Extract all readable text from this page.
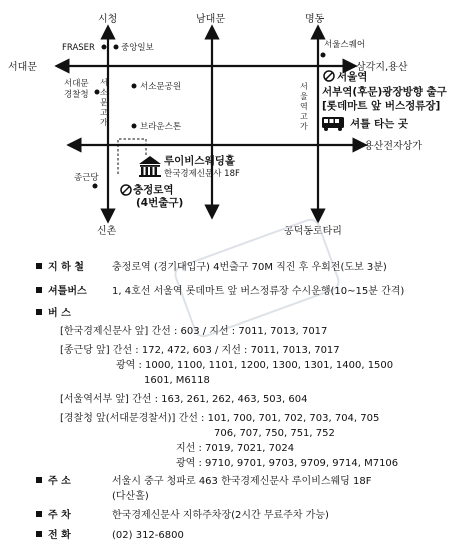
시청	남대문	명동
신촌	공덕동로타리
서대문
서대문
경찰청
삼각지,용산
용산전자상가
서
소
문
고
가
서
울
역
고
가
FRASER	중앙일보
서소문공원
브라운스톤
서울스퀘어
종근당
루이비스웨딩홀
한국경제신문사 18F
충정로역
(4번출구)
서울역
서부역(후문)광장방향 출구
[롯데마트 앞 버스정류장]
셔틀 타는 곳

지 하 철	충정로역 (경기대입구) 4번출구 70M 직진 후 우회전(도보 3분)
셔틀버스	1, 4호선 서울역 롯데마트 앞 버스정류장 수시운행(10~15분 간격)
버 스
[한국경제신문사 앞] 간선 : 603 / 지선 : 7011, 7013, 7017
[종근당 앞] 간선 : 172, 472, 603 / 지선 : 7011, 7013, 7017
광역 : 1000, 1100, 1101, 1200, 1300, 1301, 1400, 1500
1601, M6118
[서울역서부 앞] 간선 : 163, 261, 262, 463, 503, 604
[경찰청 앞(서대문경찰서)] 간선 : 101, 700, 701, 702, 703, 704, 705
706, 707, 750, 751, 752
지선 : 7019, 7021, 7024
광역 : 9710, 9701, 9703, 9709, 9714, M7106
주 소	서울시 중구 청파로 463 한국경제신문사 루이비스웨딩 18F
(다산홀)
주 차	한국경제신문사 지하주차장(2시간 무료주차 가능)
전 화	(02) 312-6800
